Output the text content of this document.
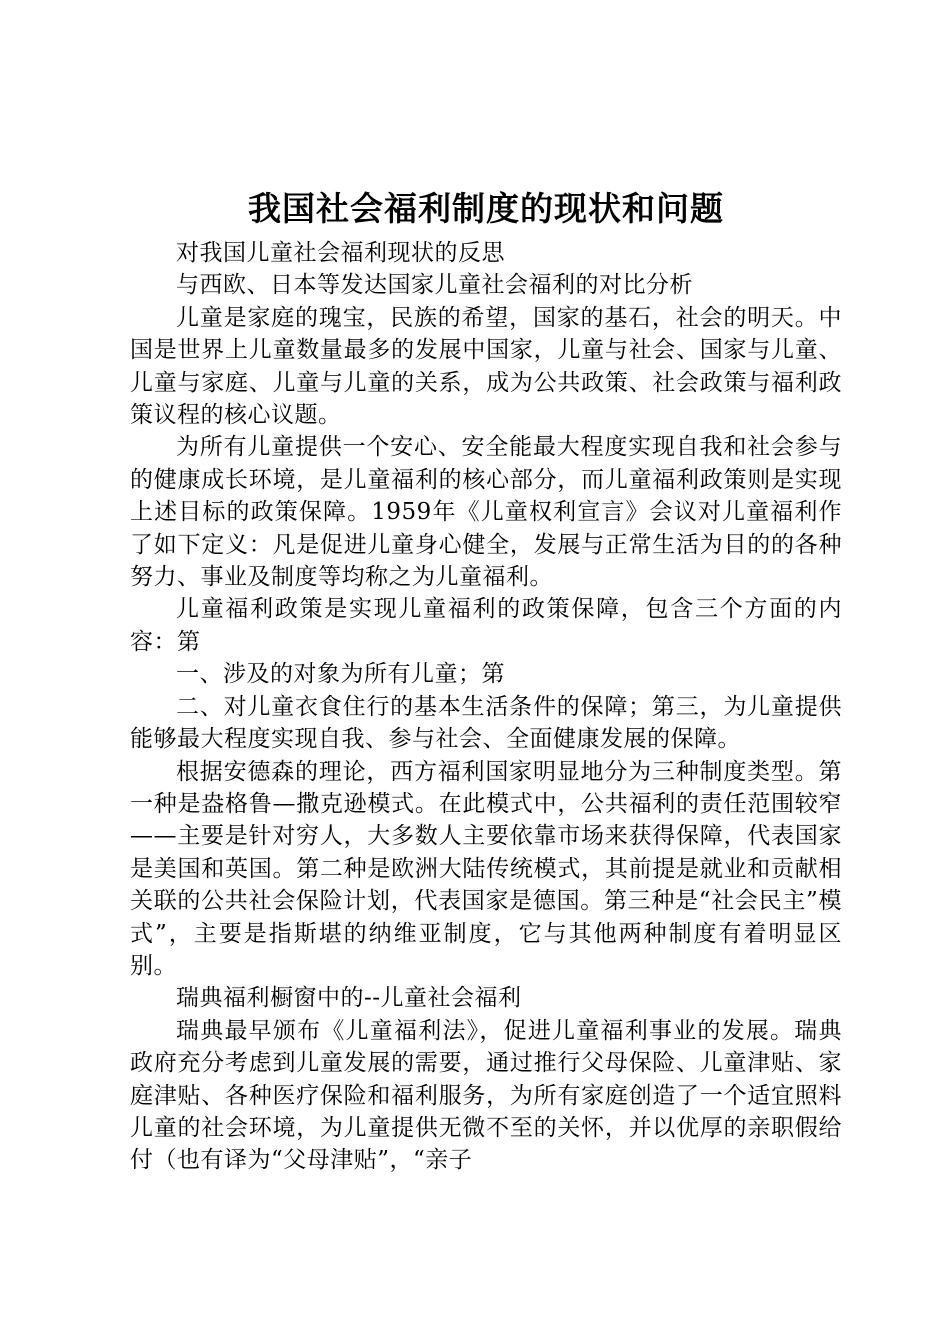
我国社会福利制度的现状和问题

对我国儿童社会福利现状的反思

与西欧、日本等发达国家儿童社会福利的对比分析

儿童是家庭的瑰宝，民族的希望，国家的基石，社会的明天。中国是世界上儿童数量最多的发展中国家，儿童与社会、国家与儿童、儿童与家庭、儿童与儿童的关系，成为公共政策、社会政策与福利政策议程的核心议题。

为所有儿童提供一个安心、安全能最大程度实现自我和社会参与的健康成长环境，是儿童福利的核心部分，而儿童福利政策则是实现上述目标的政策保障。1959年《儿童权利宣言》会议对儿童福利作了如下定义：凡是促进儿童身心健全，发展与正常生活为目的的各种努力、事业及制度等均称之为儿童福利。

儿童福利政策是实现儿童福利的政策保障，包含三个方面的内容：第

一、涉及的对象为所有儿童；第

二、对儿童衣食住行的基本生活条件的保障；第三，为儿童提供能够最大程度实现自我、参与社会、全面健康发展的保障。

根据安德森的理论，西方福利国家明显地分为三种制度类型。第一种是盎格鲁—撒克逊模式。在此模式中，公共福利的责任范围较窄——主要是针对穷人，大多数人主要依靠市场来获得保障，代表国家是美国和英国。第二种是欧洲大陆传统模式，其前提是就业和贡献相关联的公共社会保险计划，代表国家是德国。第三种是“社会民主”模式”，主要是指斯堪的纳维亚制度，它与其他两种制度有着明显区别。

瑞典福利橱窗中的--儿童社会福利

瑞典最早颁布《儿童福利法》，促进儿童福利事业的发展。瑞典政府充分考虑到儿童发展的需要，通过推行父母保险、儿童津贴、家庭津贴、各种医疗保险和福利服务，为所有家庭创造了一个适宜照料儿童的社会环境，为儿童提供无微不至的关怀，并以优厚的亲职假给付（也有译为“父母津贴”，“亲子
